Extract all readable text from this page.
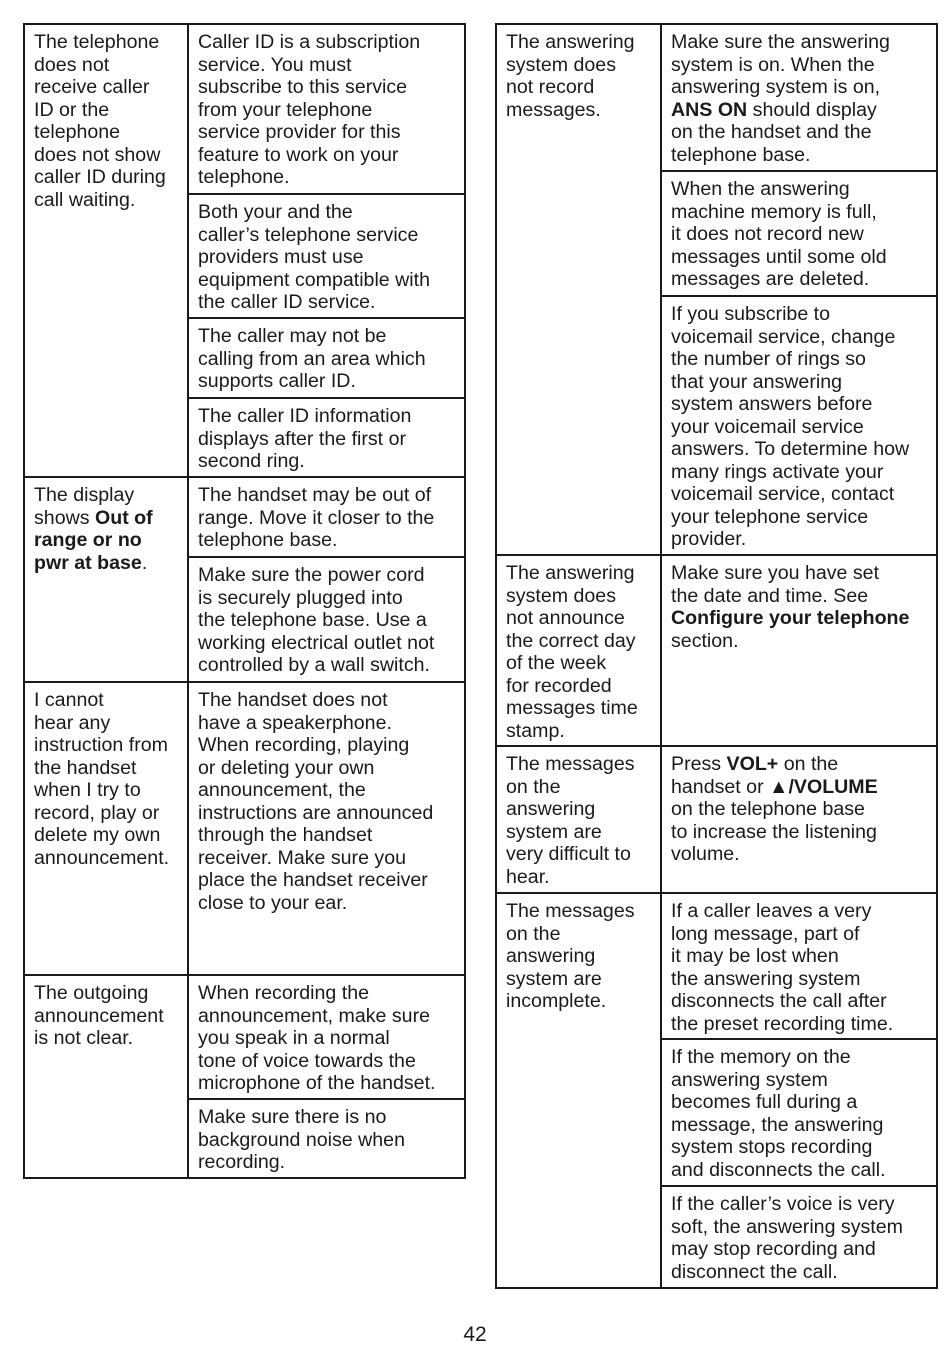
The telephone
does not
receive caller
ID or the
telephone
does not show
caller ID during
call waiting.

Caller ID is a subscription
service. You must
subscribe to this service
from your telephone
service provider for this
feature to work on your
telephone.

Both your and the
caller’s telephone service
providers must use
equipment compatible with
the caller ID service.

The caller may not be
calling from an area which
supports caller ID.

The caller ID information
displays after the first or
second ring.

The display
shows Out of
range or no
pwr at base.

The handset may be out of
range. Move it closer to the
telephone base.

Make sure the power cord
is securely plugged into
the telephone base. Use a
working electrical outlet not
controlled by a wall switch.

I cannot
hear any
instruction from
the handset
when I try to
record, play or
delete my own
announcement.

The handset does not
have a speakerphone.
When recording, playing
or deleting your own
announcement, the
instructions are announced
through the handset
receiver. Make sure you
place the handset receiver
close to your ear.

The outgoing
announcement
is not clear.

When recording the
announcement, make sure
you speak in a normal
tone of voice towards the
microphone of the handset.

Make sure there is no
background noise when
recording.

The answering
system does
not record
messages.

Make sure the answering
system is on. When the
answering system is on,
ANS ON should display
on the handset and the
telephone base.

When the answering
machine memory is full,
it does not record new
messages until some old
messages are deleted.

If you subscribe to
voicemail service, change
the number of rings so
that your answering
system answers before
your voicemail service
answers. To determine how
many rings activate your
voicemail service, contact
your telephone service
provider.

The answering
system does
not announce
the correct day
of the week
for recorded
messages time
stamp.

Make sure you have set
the date and time. See
Configure your telephone
section.

The messages
on the
answering
system are
very difficult to
hear.

Press VOL+ on the
handset or ▲/VOLUME
on the telephone base
to increase the listening
volume.

The messages
on the
answering
system are
incomplete.

If a caller leaves a very
long message, part of
it may be lost when
the answering system
disconnects the call after
the preset recording time.

If the memory on the
answering system
becomes full during a
message, the answering
system stops recording
and disconnects the call.

If the caller’s voice is very
soft, the answering system
may stop recording and
disconnect the call.

42
